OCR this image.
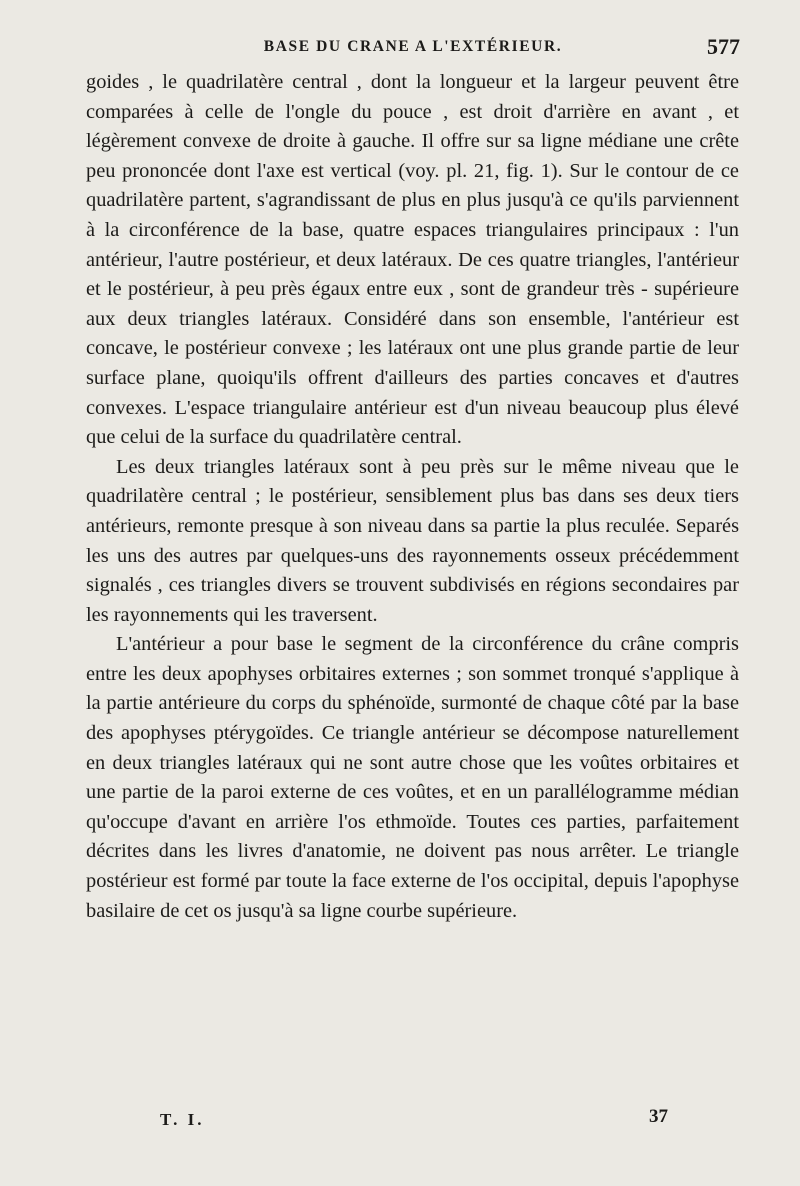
BASE DU CRANE A L'EXTÉRIEUR.	577

goides , le quadrilatère central , dont la longueur et la largeur peuvent être comparées à celle de l'ongle du pouce , est droit d'arrière en avant , et légèrement convexe de droite à gauche. Il offre sur sa ligne médiane une crête peu prononcée dont l'axe est vertical (voy. pl. 21, fig. 1). Sur le contour de ce quadrilatère partent, s'agrandissant de plus en plus jusqu'à ce qu'ils parviennent à la circonférence de la base, quatre espaces triangulaires principaux : l'un antérieur, l'autre postérieur, et deux latéraux. De ces quatre triangles, l'antérieur et le postérieur, à peu près égaux entre eux , sont de grandeur très - supérieure aux deux triangles latéraux. Considéré dans son ensemble, l'antérieur est concave, le postérieur convexe ; les latéraux ont une plus grande partie de leur surface plane, quoiqu'ils offrent d'ailleurs des parties concaves et d'autres convexes. L'espace triangulaire antérieur est d'un niveau beaucoup plus élevé que celui de la surface du quadrilatère central.

Les deux triangles latéraux sont à peu près sur le même niveau que le quadrilatère central ; le postérieur, sensiblement plus bas dans ses deux tiers antérieurs, remonte presque à son niveau dans sa partie la plus reculée. Separés les uns des autres par quelques-uns des rayonnements osseux précédemment signalés , ces triangles divers se trouvent subdivisés en régions secondaires par les rayonnements qui les traversent.

L'antérieur a pour base le segment de la circonférence du crâne compris entre les deux apophyses orbitaires externes ; son sommet tronqué s'applique à la partie antérieure du corps du sphénoïde, surmonté de chaque côté par la base des apophyses ptérygoïdes. Ce triangle antérieur se décompose naturellement en deux triangles latéraux qui ne sont autre chose que les voûtes orbitaires et une partie de la paroi externe de ces voûtes, et en un parallélogramme médian qu'occupe d'avant en arrière l'os ethmoïde. Toutes ces parties, parfaitement décrites dans les livres d'anatomie, ne doivent pas nous arrêter. Le triangle postérieur est formé par toute la face externe de l'os occipital, depuis l'apophyse basilaire de cet os jusqu'à sa ligne courbe supérieure.

T. I.	37
